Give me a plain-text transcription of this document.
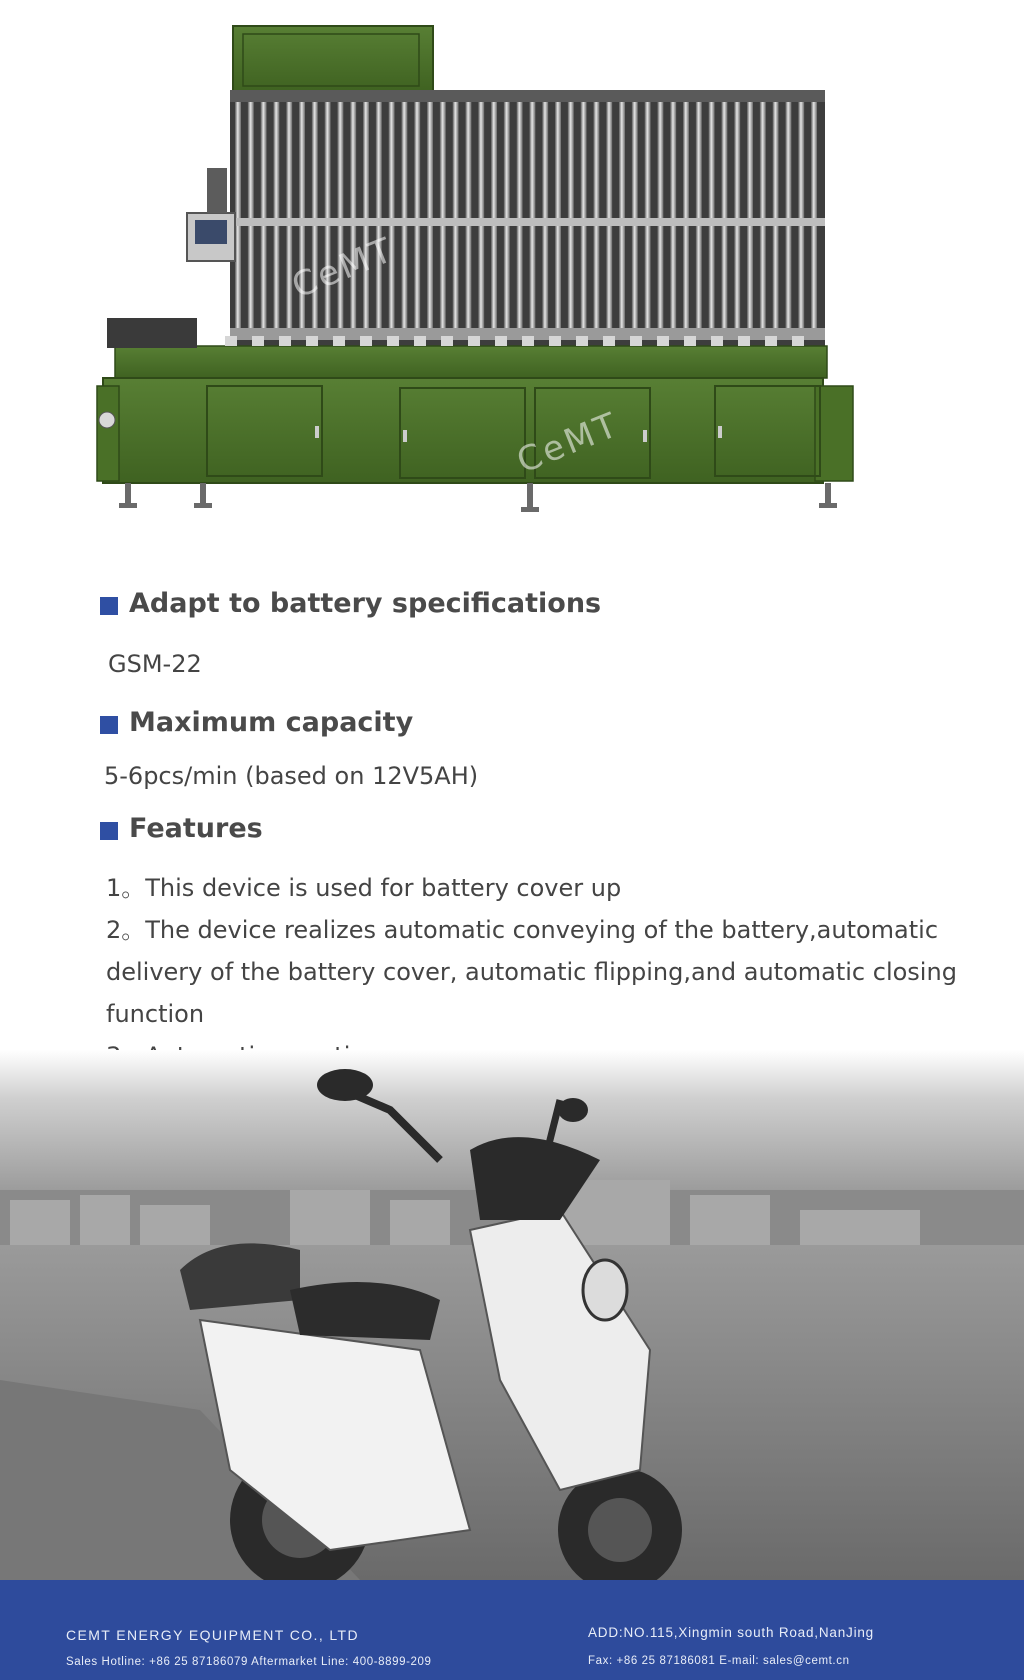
CeMT
CeMT
Adapt to battery specifications
GSM-22
Maximum capacity
5-6pcs/min (based on 12V5AH)
Features
1。This device is used for battery cover up
2。The device realizes automatic conveying of the battery,automatic
delivery of the battery cover, automatic flipping,and automatic closing
function
CEMT ENERGY EQUIPMENT CO., LTD
Sales Hotline: +86 25 87186079 Aftermarket Line: 400-8899-209
ADD:NO.115,Xingmin south Road,NanJing
Fax: +86 25 87186081 E-mail: sales@cemt.cn
